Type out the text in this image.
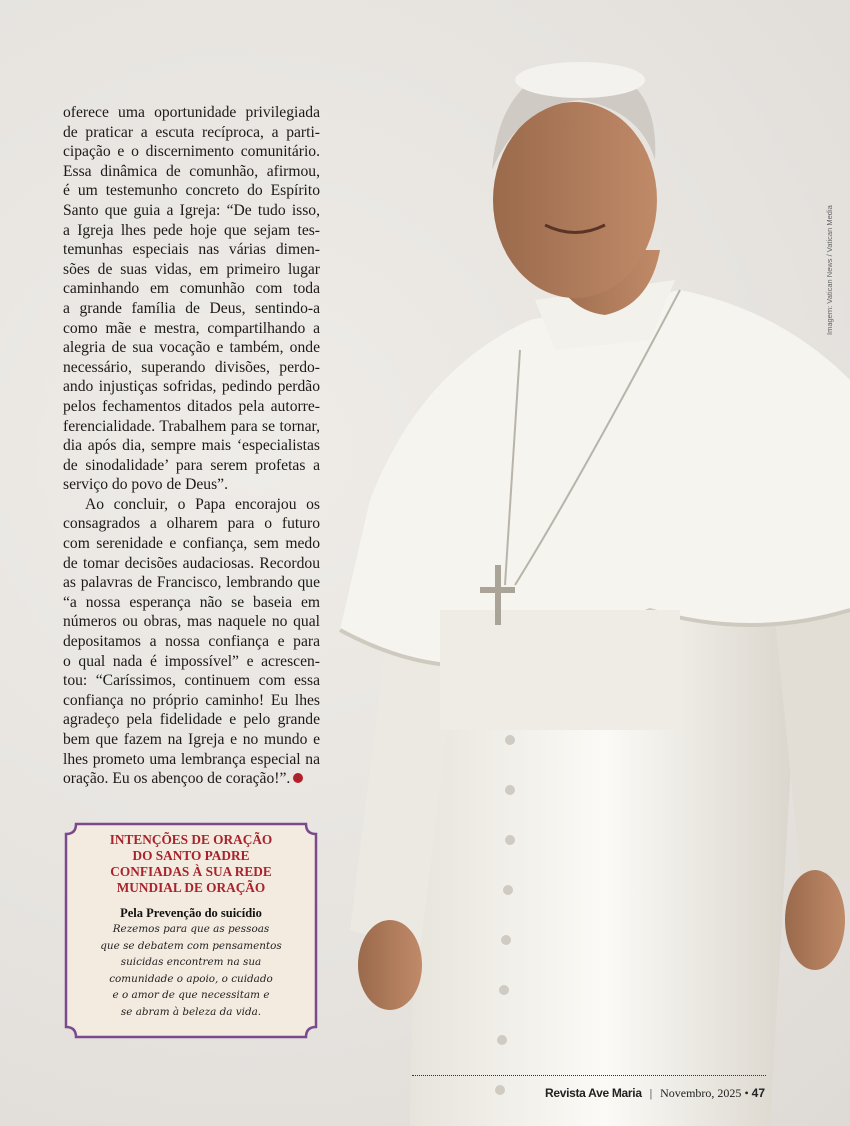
Imagem: Vatican News / Vatican Media
oferece uma oportunidade privilegiada
de praticar a escuta recíproca, a parti-
cipação e o discernimento comunitário.
Essa dinâmica de comunhão, afirmou,
é um testemunho concreto do Espírito
Santo que guia a Igreja: “De tudo isso,
a Igreja lhes pede hoje que sejam tes-
temunhas especiais nas várias dimen-
sões de suas vidas, em primeiro lugar
caminhando em comunhão com toda
a grande família de Deus, sentindo-a
como mãe e mestra, compartilhando a
alegria de sua vocação e também, onde
necessário, superando divisões, perdo-
ando injustiças sofridas, pedindo perdão
pelos fechamentos ditados pela autorre-
ferencialidade. Trabalhem para se tornar,
dia após dia, sempre mais ‘especialistas
de sinodalidade’ para serem profetas a
serviço do povo de Deus”.
Ao concluir, o Papa encorajou os
consagrados a olharem para o futuro
com serenidade e confiança, sem medo
de tomar decisões audaciosas. Recordou
as palavras de Francisco, lembrando que
“a nossa esperança não se baseia em
números ou obras, mas naquele no qual
depositamos a nossa confiança e para
o qual nada é impossível” e acrescen-
tou: “Caríssimos, continuem com essa
confiança no próprio caminho! Eu lhes
agradeço pela fidelidade e pelo grande
bem que fazem na Igreja e no mundo e
lhes prometo uma lembrança especial na
oração. Eu os abençoo de coração!”.
INTENÇÕES DE ORAÇÃO
DO SANTO PADRE
CONFIADAS À SUA REDE
MUNDIAL DE ORAÇÃO
Pela Prevenção do suicídio
Rezemos para que as pessoas
que se debatem com pensamentos
suicidas encontrem na sua
comunidade o apoio, o cuidado
e o amor de que necessitam e
se abram à beleza da vida.
Revista Ave Maria | Novembro, 2025 • 47
